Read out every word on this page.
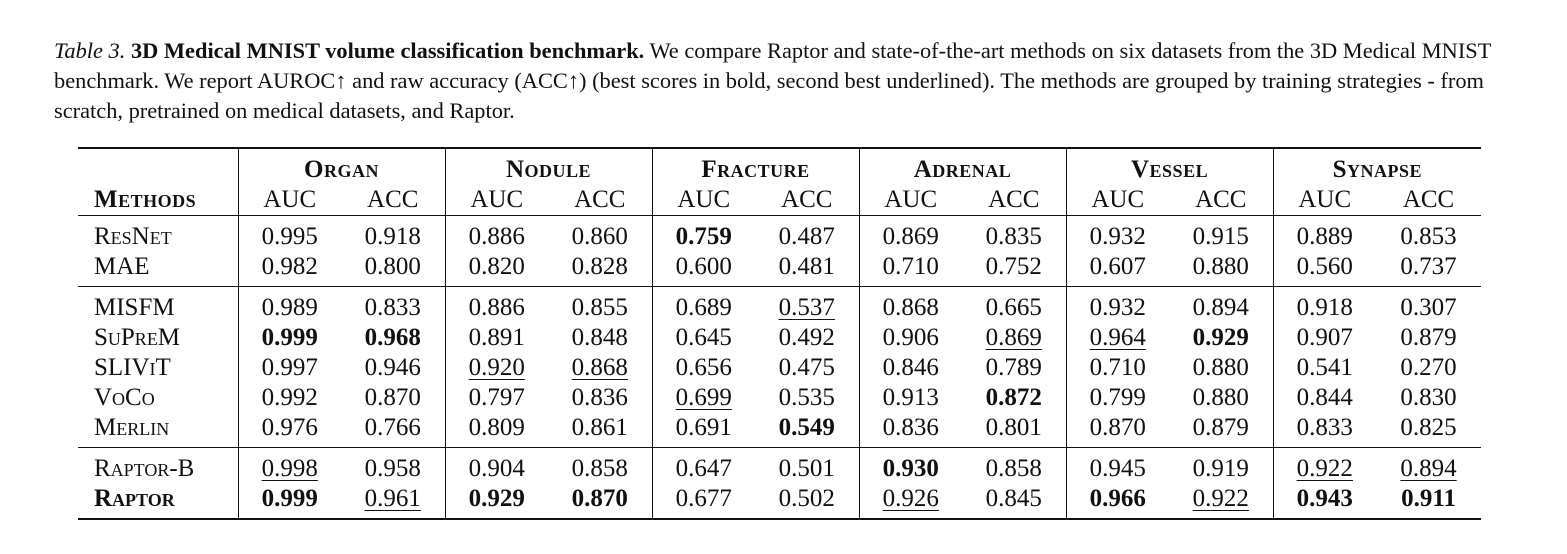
Table 3. 3D Medical MNIST volume classification benchmark. We compare Raptor and state-of-the-art methods on six datasets from the 3D Medical MNIST benchmark. We report AUROC↑ and raw accuracy (ACC↑) (best scores in bold, second best underlined). The methods are grouped by training strategies - from scratch, pretrained on medical datasets, and Raptor.
	Organ		Nodule		Fracture		Adrenal		Vessel		Synapse	
Methods	AUC	ACC	AUC	ACC	AUC	ACC	AUC	ACC	AUC	ACC	AUC	ACC
ResNet	0.995	0.918	0.886	0.860	0.759	0.487	0.869	0.835	0.932	0.915	0.889	0.853
MAE	0.982	0.800	0.820	0.828	0.600	0.481	0.710	0.752	0.607	0.880	0.560	0.737
MISFM	0.989	0.833	0.886	0.855	0.689	0.537	0.868	0.665	0.932	0.894	0.918	0.307
SuPreM	0.999	0.968	0.891	0.848	0.645	0.492	0.906	0.869	0.964	0.929	0.907	0.879
SLIViT	0.997	0.946	0.920	0.868	0.656	0.475	0.846	0.789	0.710	0.880	0.541	0.270
VoCo	0.992	0.870	0.797	0.836	0.699	0.535	0.913	0.872	0.799	0.880	0.844	0.830
Merlin	0.976	0.766	0.809	0.861	0.691	0.549	0.836	0.801	0.870	0.879	0.833	0.825
Raptor-B	0.998	0.958	0.904	0.858	0.647	0.501	0.930	0.858	0.945	0.919	0.922	0.894
Raptor	0.999	0.961	0.929	0.870	0.677	0.502	0.926	0.845	0.966	0.922	0.943	0.911
